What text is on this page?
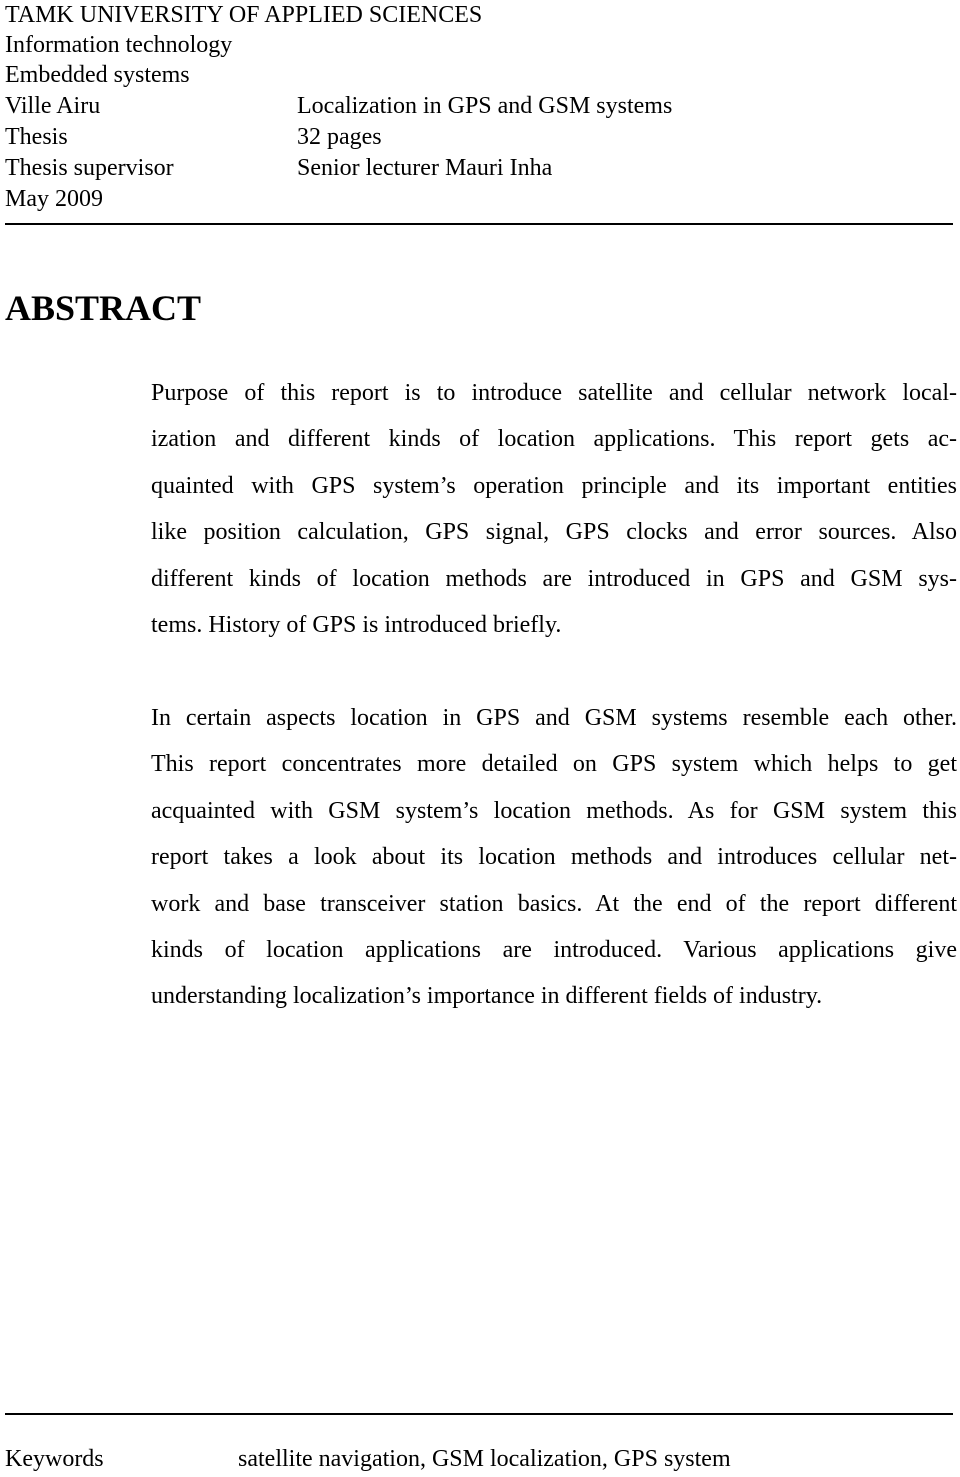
TAMK UNIVERSITY OF APPLIED SCIENCES
Information technology
Embedded systems
Ville Airu	Localization in GPS and GSM systems
Thesis	32 pages
Thesis supervisor	Senior lecturer Mauri Inha
May 2009
ABSTRACT
Purpose of this report is to introduce satellite and cellular network local-
ization and different kinds of location applications. This report gets ac-
quainted with GPS system’s operation principle and its important entities
like position calculation, GPS signal, GPS clocks and error sources. Also
different kinds of location methods are introduced in GPS and GSM sys-
tems. History of GPS is introduced briefly.
In certain aspects location in GPS and GSM systems resemble each other.
This report concentrates more detailed on GPS system which helps to get
acquainted with GSM system’s location methods. As for GSM system this
report takes a look about its location methods and introduces cellular net-
work and base transceiver station basics. At the end of the report different
kinds of location applications are introduced. Various applications give
understanding localization’s importance in different fields of industry.
Keywords	satellite navigation, GSM localization, GPS system
